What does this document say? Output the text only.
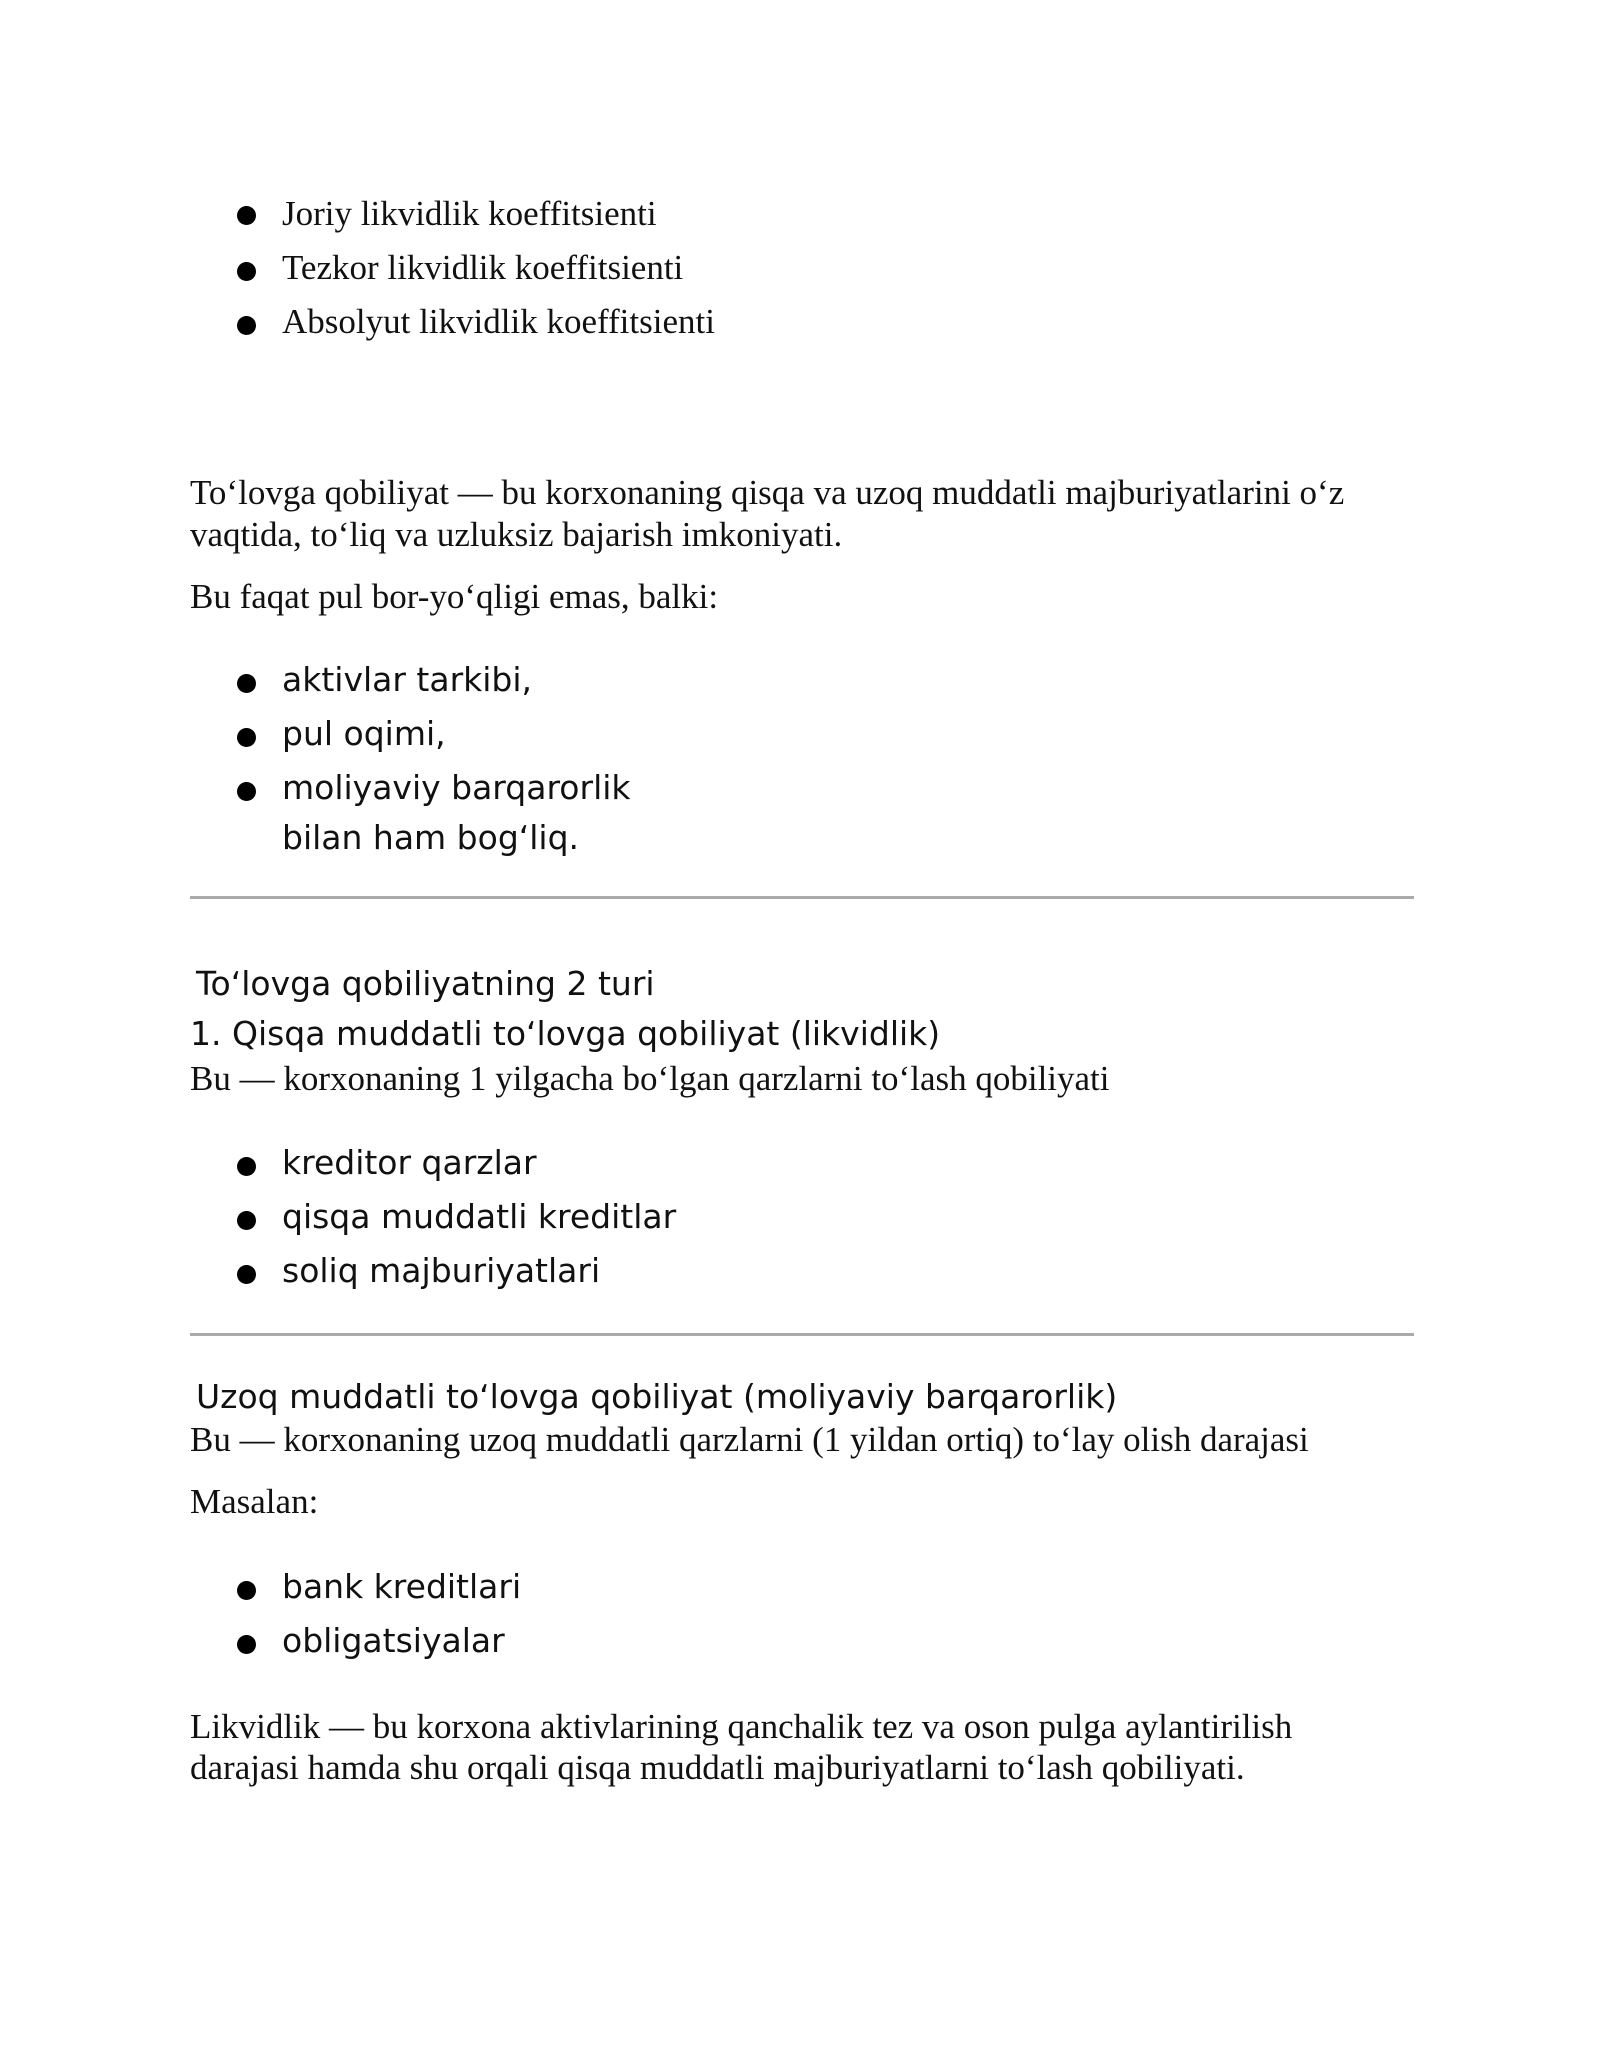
Joriy likvidlik koeffitsienti
Tezkor likvidlik koeffitsienti
Absolyut likvidlik koeffitsienti
To‘lovga qobiliyat — bu korxonaning qisqa va uzoq muddatli majburiyatlarini o‘z
vaqtida, to‘liq va uzluksiz bajarish imkoniyati.
Bu faqat pul bor-yo‘qligi emas, balki:
aktivlar tarkibi,
pul oqimi,
moliyaviy barqarorlik
bilan ham bog‘liq.
To‘lovga qobiliyatning 2 turi
1. Qisqa muddatli to‘lovga qobiliyat (likvidlik)
Bu — korxonaning 1 yilgacha bo‘lgan qarzlarni to‘lash qobiliyati
kreditor qarzlar
qisqa muddatli kreditlar
soliq majburiyatlari
Uzoq muddatli to‘lovga qobiliyat (moliyaviy barqarorlik)
Bu — korxonaning uzoq muddatli qarzlarni (1 yildan ortiq) to‘lay olish darajasi
Masalan:
bank kreditlari
obligatsiyalar
Likvidlik — bu korxona aktivlarining qanchalik tez va oson pulga aylantirilish
darajasi hamda shu orqali qisqa muddatli majburiyatlarni to‘lash qobiliyati.
